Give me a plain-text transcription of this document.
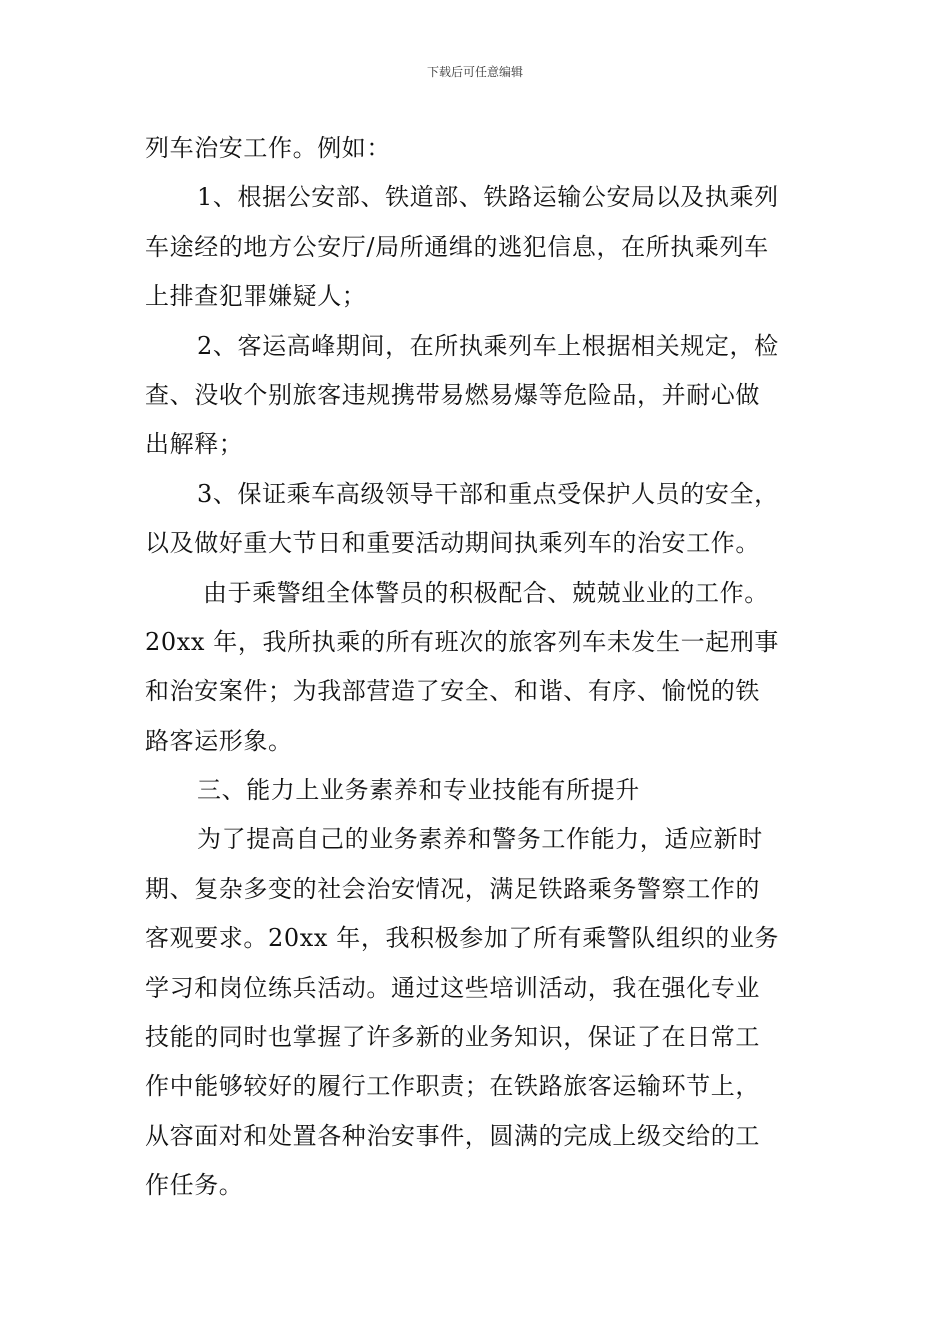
下载后可任意编辑
列车治安工作。例如：
1、根据公安部、铁道部、铁路运输公安局以及执乘列
车途经的地方公安厅/局所通缉的逃犯信息，在所执乘列车
上排查犯罪嫌疑人；
2、客运高峰期间，在所执乘列车上根据相关规定，检
查、没收个别旅客违规携带易燃易爆等危险品，并耐心做
出解释；
3、保证乘车高级领导干部和重点受保护人员的安全，
以及做好重大节日和重要活动期间执乘列车的治安工作。
由于乘警组全体警员的积极配合、兢兢业业的工作。
20xx 年，我所执乘的所有班次的旅客列车未发生一起刑事
和治安案件；为我部营造了安全、和谐、有序、愉悦的铁
路客运形象。
三、能力上业务素养和专业技能有所提升
为了提高自己的业务素养和警务工作能力，适应新时
期、复杂多变的社会治安情况，满足铁路乘务警察工作的
客观要求。20xx 年，我积极参加了所有乘警队组织的业务
学习和岗位练兵活动。通过这些培训活动，我在强化专业
技能的同时也掌握了许多新的业务知识，保证了在日常工
作中能够较好的履行工作职责；在铁路旅客运输环节上，
从容面对和处置各种治安事件，圆满的完成上级交给的工
作任务。
